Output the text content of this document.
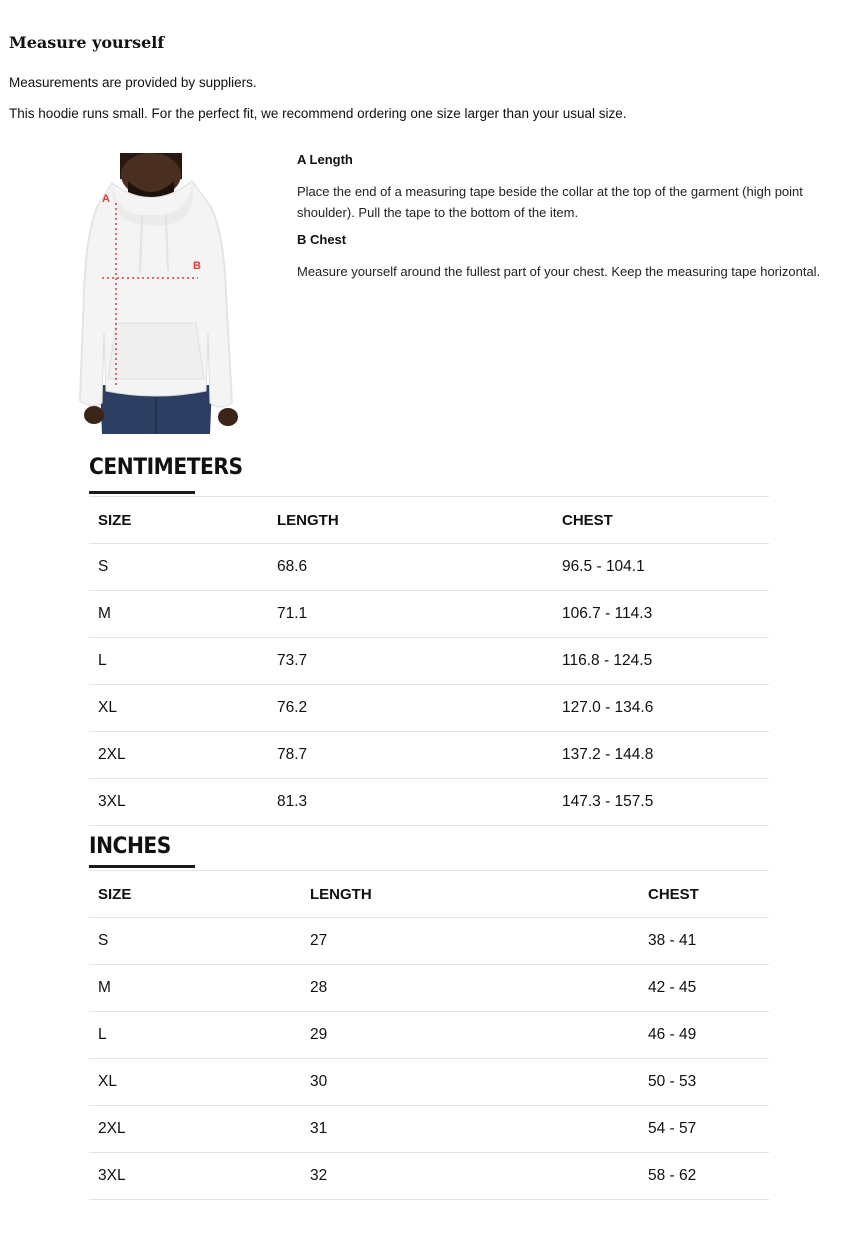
Measure yourself
Measurements are provided by suppliers.
This hoodie runs small. For the perfect fit, we recommend ordering one size larger than your usual size.
A
B
A Length

Place the end of a measuring tape beside the collar at the top of the garment (high point shoulder). Pull the tape to the bottom of the item.

B Chest

Measure yourself around the fullest part of your chest. Keep the measuring tape horizontal.

CENTIMETERS
SIZE	LENGTH	CHEST
S	68.6	96.5 - 104.1
M	71.1	106.7 - 114.3
L	73.7	116.8 - 124.5
XL	76.2	127.0 - 134.6
2XL	78.7	137.2 - 144.8
3XL	81.3	147.3 - 157.5
INCHES
SIZE	LENGTH	CHEST
S	27	38 - 41
M	28	42 - 45
L	29	46 - 49
XL	30	50 - 53
2XL	31	54 - 57
3XL	32	58 - 62
